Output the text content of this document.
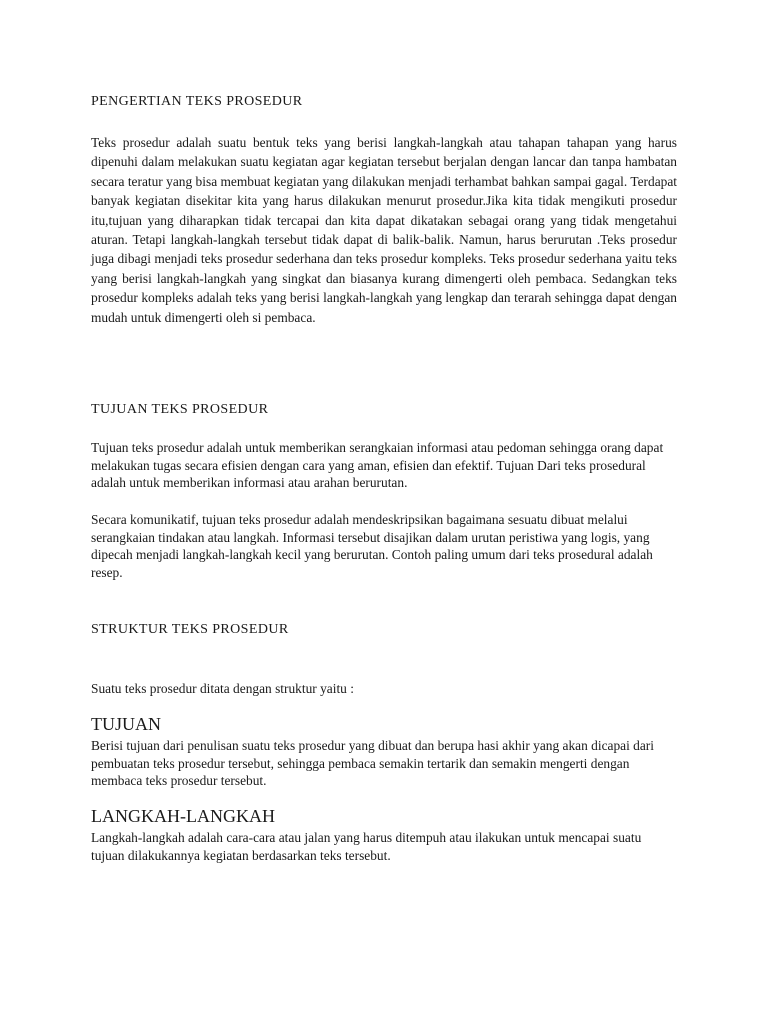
PENGERTIAN TEKS PROSEDUR

Teks prosedur adalah suatu bentuk teks yang berisi langkah-langkah atau tahapan tahapan yang harus dipenuhi dalam melakukan suatu kegiatan agar kegiatan tersebut berjalan dengan lancar dan tanpa hambatan secara teratur yang bisa membuat kegiatan yang dilakukan menjadi terhambat bahkan sampai gagal. Terdapat banyak kegiatan disekitar kita yang harus dilakukan menurut prosedur.Jika kita tidak mengikuti prosedur itu,tujuan yang diharapkan tidak tercapai dan kita dapat dikatakan sebagai orang yang tidak mengetahui aturan. Tetapi langkah-langkah tersebut tidak dapat di balik-balik. Namun, harus berurutan .Teks prosedur juga dibagi menjadi teks prosedur sederhana dan teks prosedur kompleks. Teks prosedur sederhana yaitu teks yang berisi langkah-langkah yang singkat dan biasanya kurang dimengerti oleh pembaca. Sedangkan teks prosedur kompleks adalah teks yang berisi langkah-langkah yang lengkap dan terarah sehingga dapat dengan mudah untuk dimengerti oleh si pembaca.

TUJUAN TEKS PROSEDUR

Tujuan teks prosedur adalah untuk memberikan serangkaian informasi atau pedoman sehingga orang dapat melakukan tugas secara efisien dengan cara yang aman, efisien dan efektif. Tujuan Dari teks prosedural adalah untuk memberikan informasi atau arahan berurutan.

Secara komunikatif, tujuan teks prosedur adalah mendeskripsikan bagaimana sesuatu dibuat melalui serangkaian tindakan atau langkah. Informasi tersebut disajikan dalam urutan peristiwa yang logis, yang dipecah menjadi langkah-langkah kecil yang berurutan. Contoh paling umum dari teks prosedural adalah resep.

STRUKTUR TEKS PROSEDUR

Suatu teks prosedur ditata dengan struktur yaitu :

TUJUAN

Berisi tujuan dari penulisan suatu teks prosedur yang dibuat dan berupa hasi akhir yang akan dicapai dari pembuatan teks prosedur tersebut, sehingga pembaca semakin tertarik dan semakin mengerti dengan membaca teks prosedur tersebut.

LANGKAH-LANGKAH

Langkah-langkah adalah cara-cara atau jalan yang harus ditempuh atau ilakukan untuk mencapai suatu tujuan dilakukannya kegiatan berdasarkan teks tersebut.
